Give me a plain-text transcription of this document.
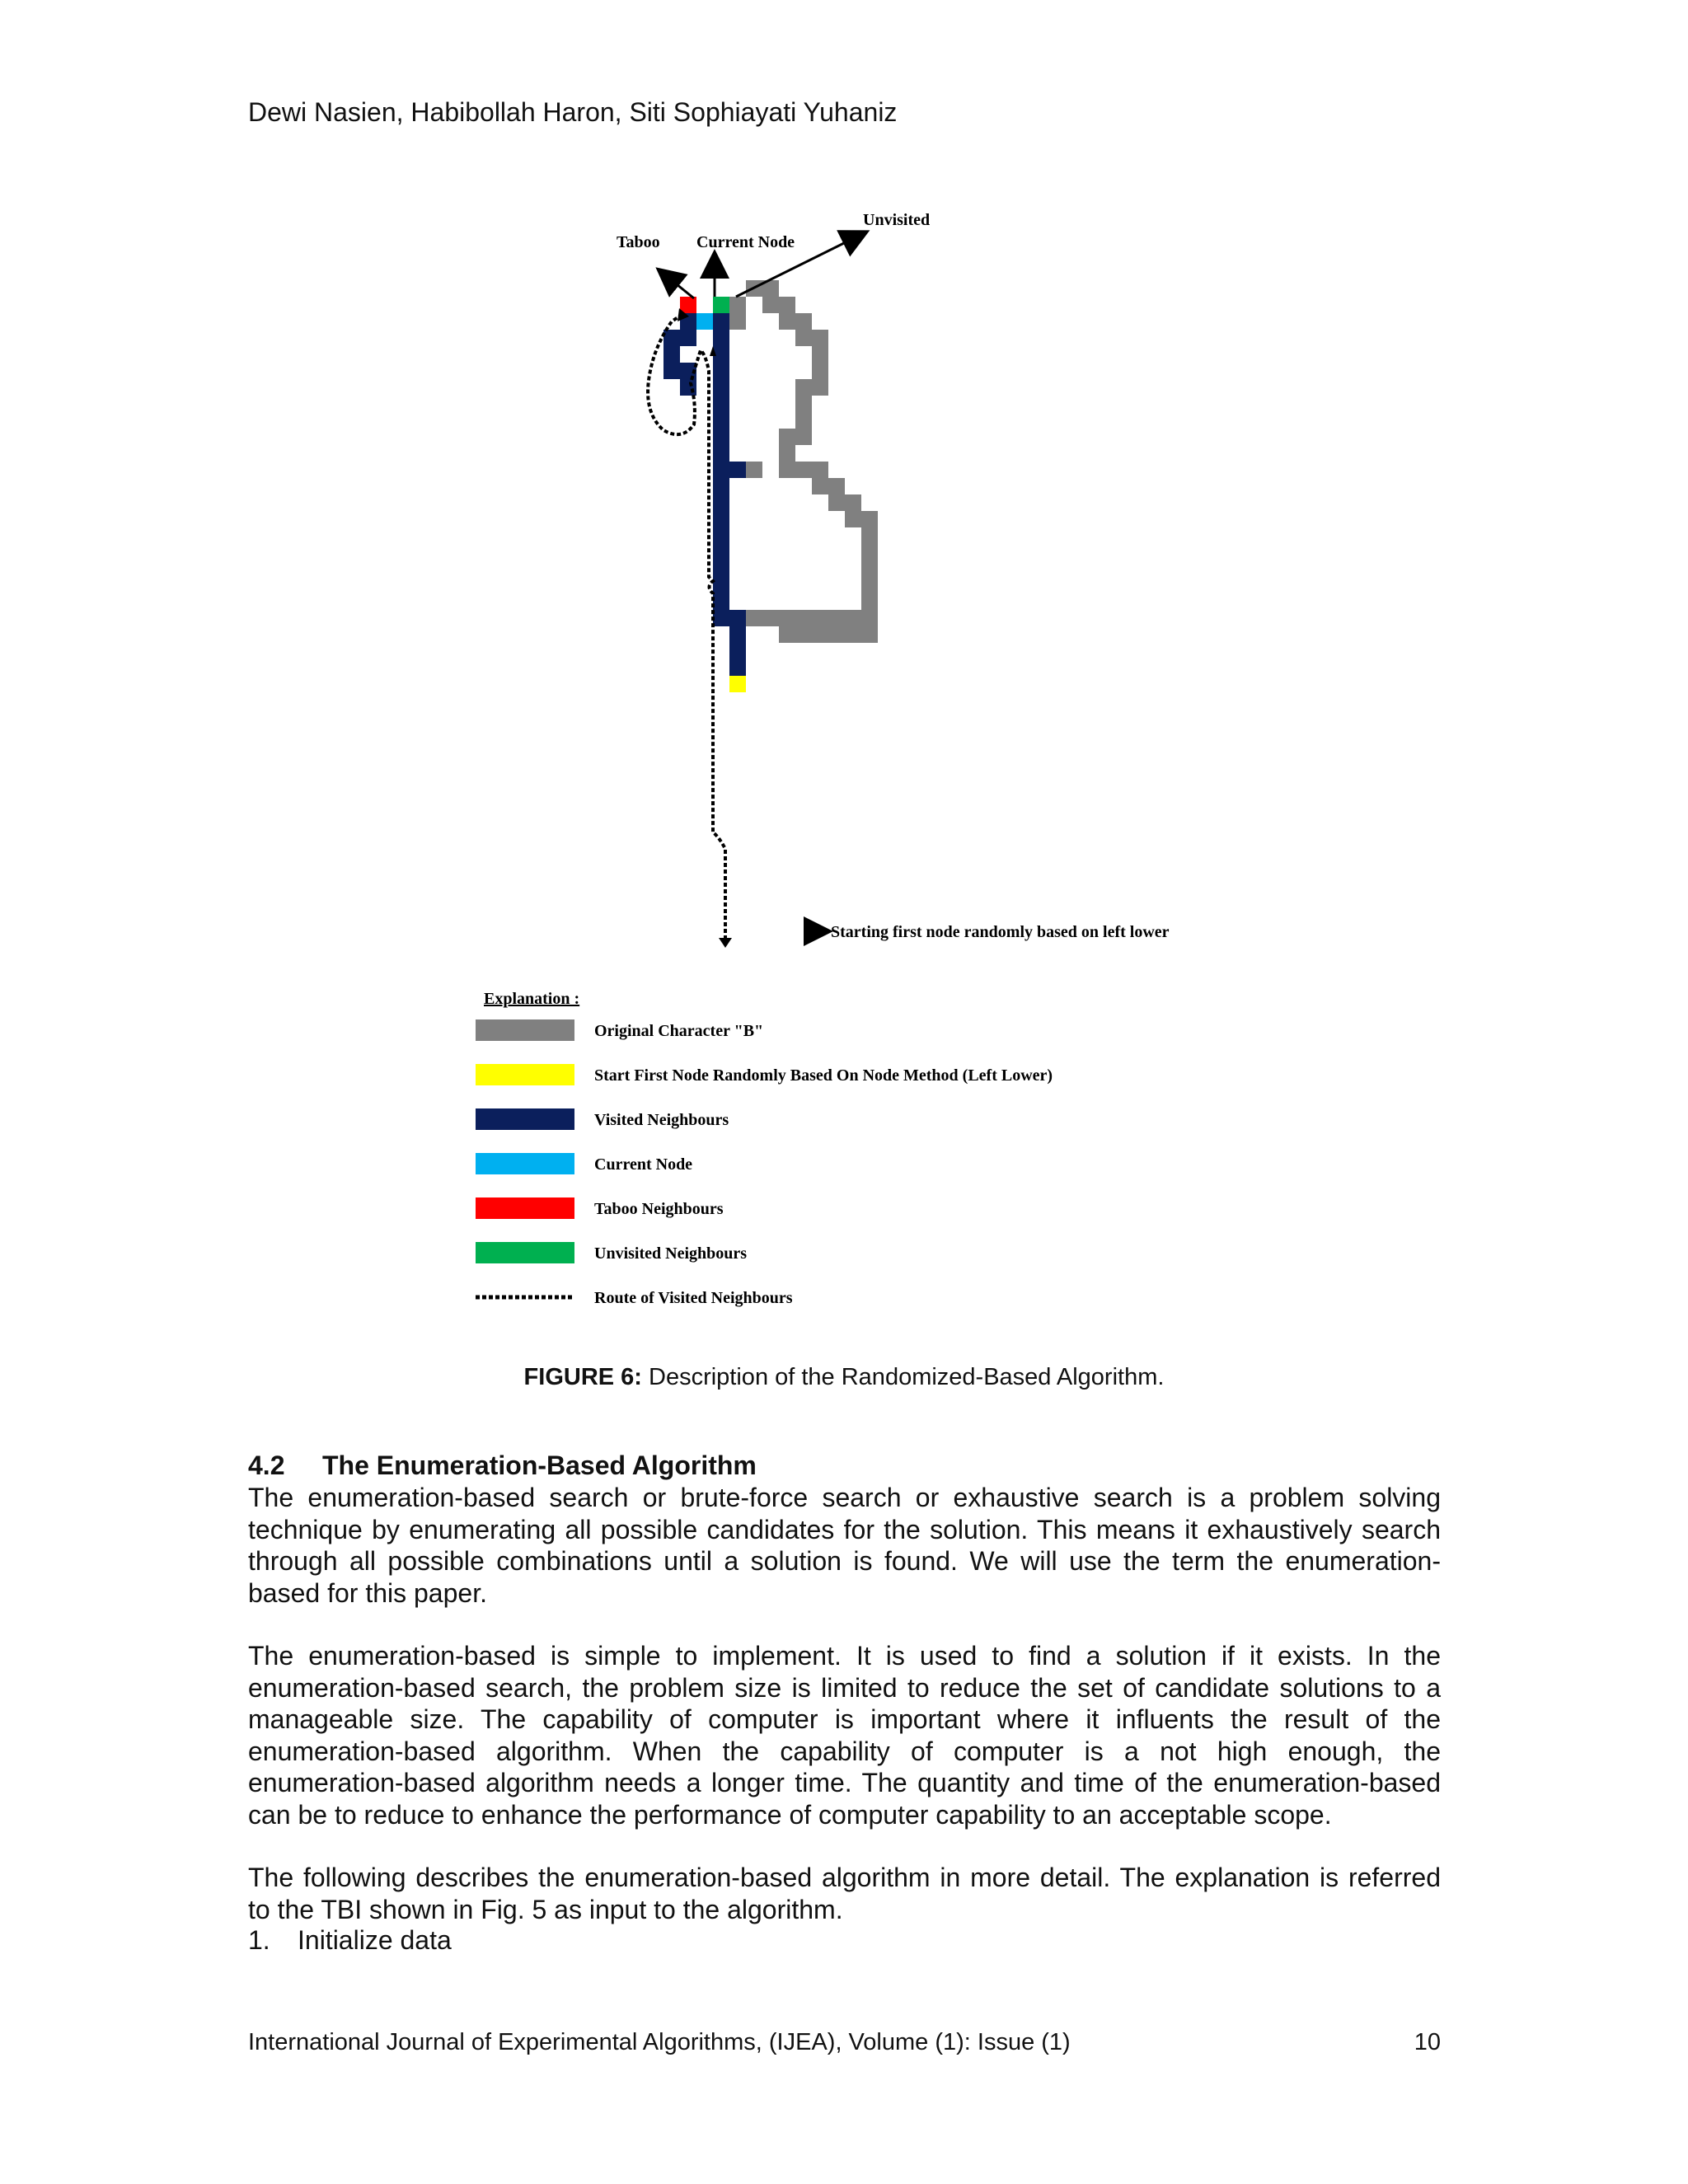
Dewi Nasien, Habibollah Haron, Siti Sophiayati Yuhaniz
Taboo Current Node
Unvisited
Starting first node randomly based on left lower
Explanation :
Original Character "B"
Start First Node Randomly Based On Node Method (Left Lower)
Visited Neighbours
Current Node
Taboo Neighbours
Unvisited Neighbours
Route of Visited Neighbours
FIGURE 6: Description of the Randomized-Based Algorithm.
4.2 The Enumeration-Based Algorithm

The enumeration-based search or brute-force search or exhaustive search is a problem solving technique by enumerating all possible candidates for the solution. This means it exhaustively search through all possible combinations until a solution is found. We will use the term the enumeration-based for this paper.

The enumeration-based is simple to implement. It is used to find a solution if it exists. In the enumeration-based search, the problem size is limited to reduce the set of candidate solutions to a manageable size. The capability of computer is important where it influents the result of the enumeration-based algorithm. When the capability of computer is a not high enough, the enumeration-based algorithm needs a longer time. The quantity and time of the enumeration-based can be to reduce to enhance the performance of computer capability to an acceptable scope.

The following describes the enumeration-based algorithm in more detail. The explanation is referred to the TBI shown in Fig. 5 as input to the algorithm.

1. Initialize data
International Journal of Experimental Algorithms, (IJEA), Volume (1): Issue (1)	10
